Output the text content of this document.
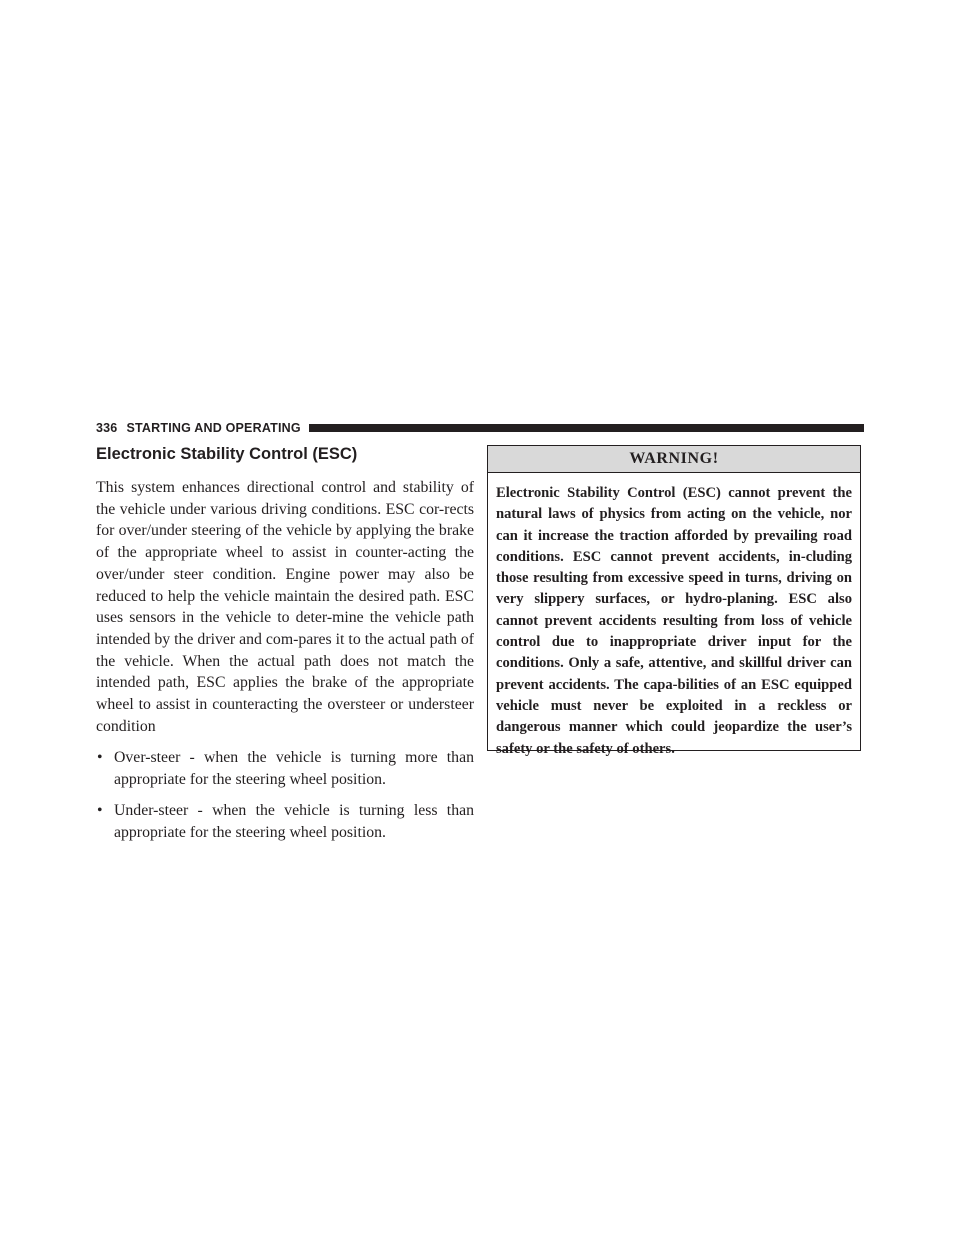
336 STARTING AND OPERATING
Electronic Stability Control (ESC)

This system enhances directional control and stability of the vehicle under various driving conditions. ESC cor-rects for over/under steering of the vehicle by applying the brake of the appropriate wheel to assist in counter-acting the over/under steer condition. Engine power may also be reduced to help the vehicle maintain the desired path. ESC uses sensors in the vehicle to deter-mine the vehicle path intended by the driver and com-pares it to the actual path of the vehicle. When the actual path does not match the intended path, ESC applies the brake of the appropriate wheel to assist in counteracting the oversteer or understeer condition

• Over-steer - when the vehicle is turning more than appropriate for the steering wheel position.
• Under-steer - when the vehicle is turning less than appropriate for the steering wheel position.
WARNING!

Electronic Stability Control (ESC) cannot prevent the natural laws of physics from acting on the vehicle, nor can it increase the traction afforded by prevailing road conditions. ESC cannot prevent accidents, in-cluding those resulting from excessive speed in turns, driving on very slippery surfaces, or hydro-planing. ESC also cannot prevent accidents resulting from loss of vehicle control due to inappropriate driver input for the conditions. Only a safe, attentive, and skillful driver can prevent accidents. The capa-bilities of an ESC equipped vehicle must never be exploited in a reckless or dangerous manner which could jeopardize the user’s safety or the safety of others.
